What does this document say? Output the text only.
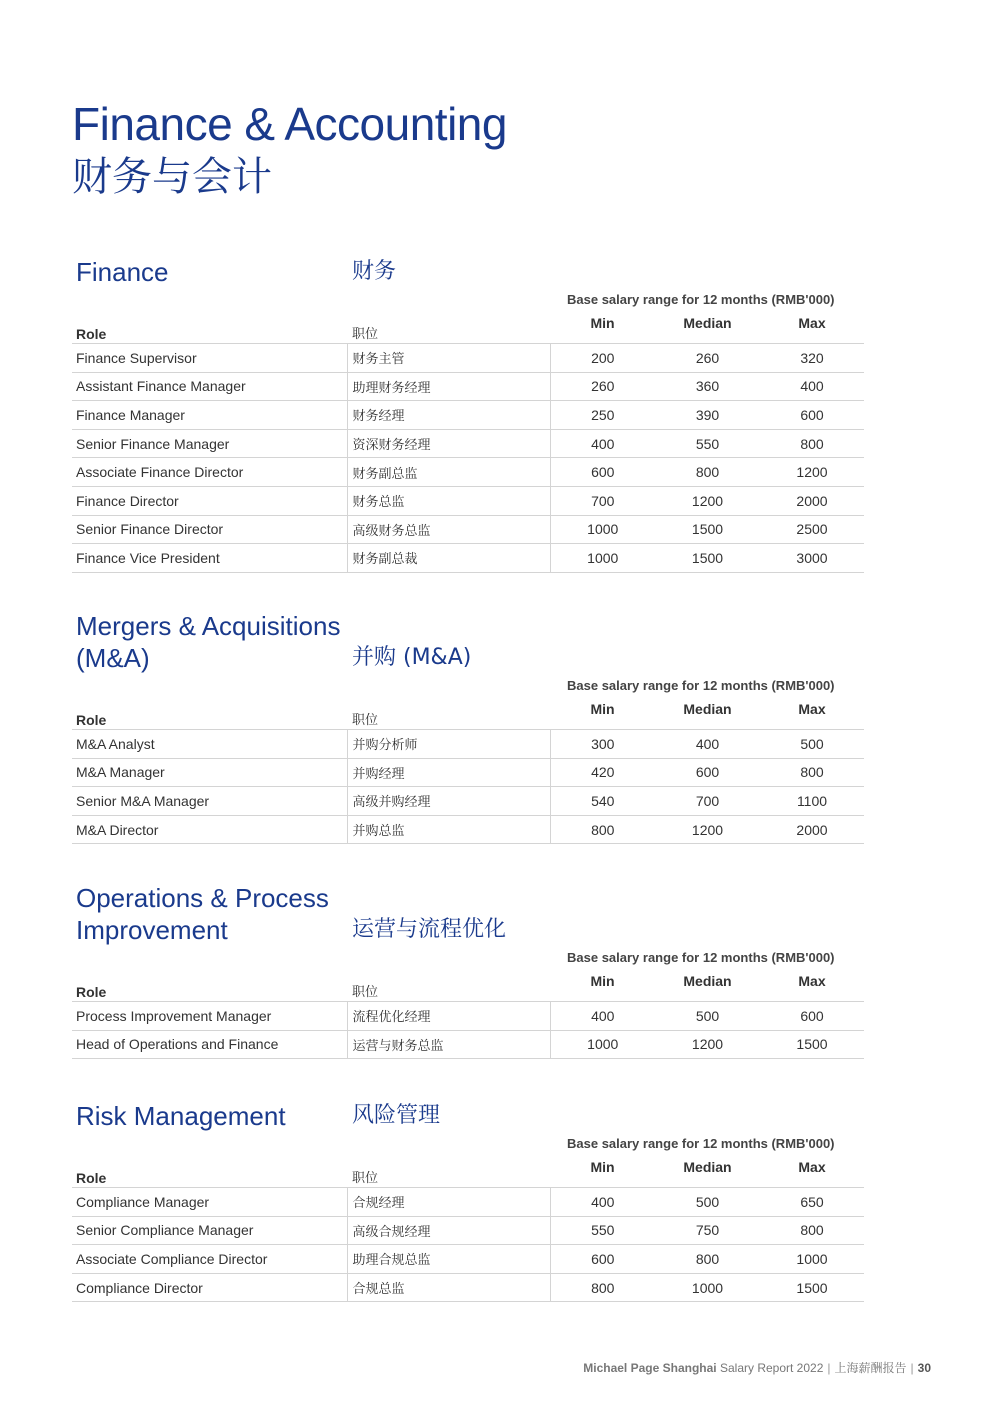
Finance & Accounting
财务与会计
Finance	财务
Base salary range for 12 months (RMB'000)
Role	职位	Min	Median	Max
Finance Supervisor	财务主管	200	260	320
Assistant Finance Manager	助理财务经理	260	360	400
Finance Manager	财务经理	250	390	600
Senior Finance Manager	资深财务经理	400	550	800
Associate Finance Director	财务副总监	600	800	1200
Finance Director	财务总监	700	1200	2000
Senior Finance Director	高级财务总监	1000	1500	2500
Finance Vice President	财务副总裁	1000	1500	3000
Mergers & Acquisitions
(M&A)	并购 (M&A)
Base salary range for 12 months (RMB'000)
Role	职位	Min	Median	Max
M&A Analyst	并购分析师	300	400	500
M&A Manager	并购经理	420	600	800
Senior M&A Manager	高级并购经理	540	700	1100
M&A Director	并购总监	800	1200	2000
Operations & Process
Improvement	运营与流程优化
Base salary range for 12 months (RMB'000)
Role	职位	Min	Median	Max
Process Improvement Manager	流程优化经理	400	500	600
Head of Operations and Finance	运营与财务总监	1000	1200	1500
Risk Management	风险管理
Base salary range for 12 months (RMB'000)
Role	职位	Min	Median	Max
Compliance Manager	合规经理	400	500	650
Senior Compliance Manager	高级合规经理	550	750	800
Associate Compliance Director	助理合规总监	600	800	1000
Compliance Director	合规总监	800	1000	1500
Michael Page Shanghai Salary Report 2022 | 上海薪酬报告 | 30
